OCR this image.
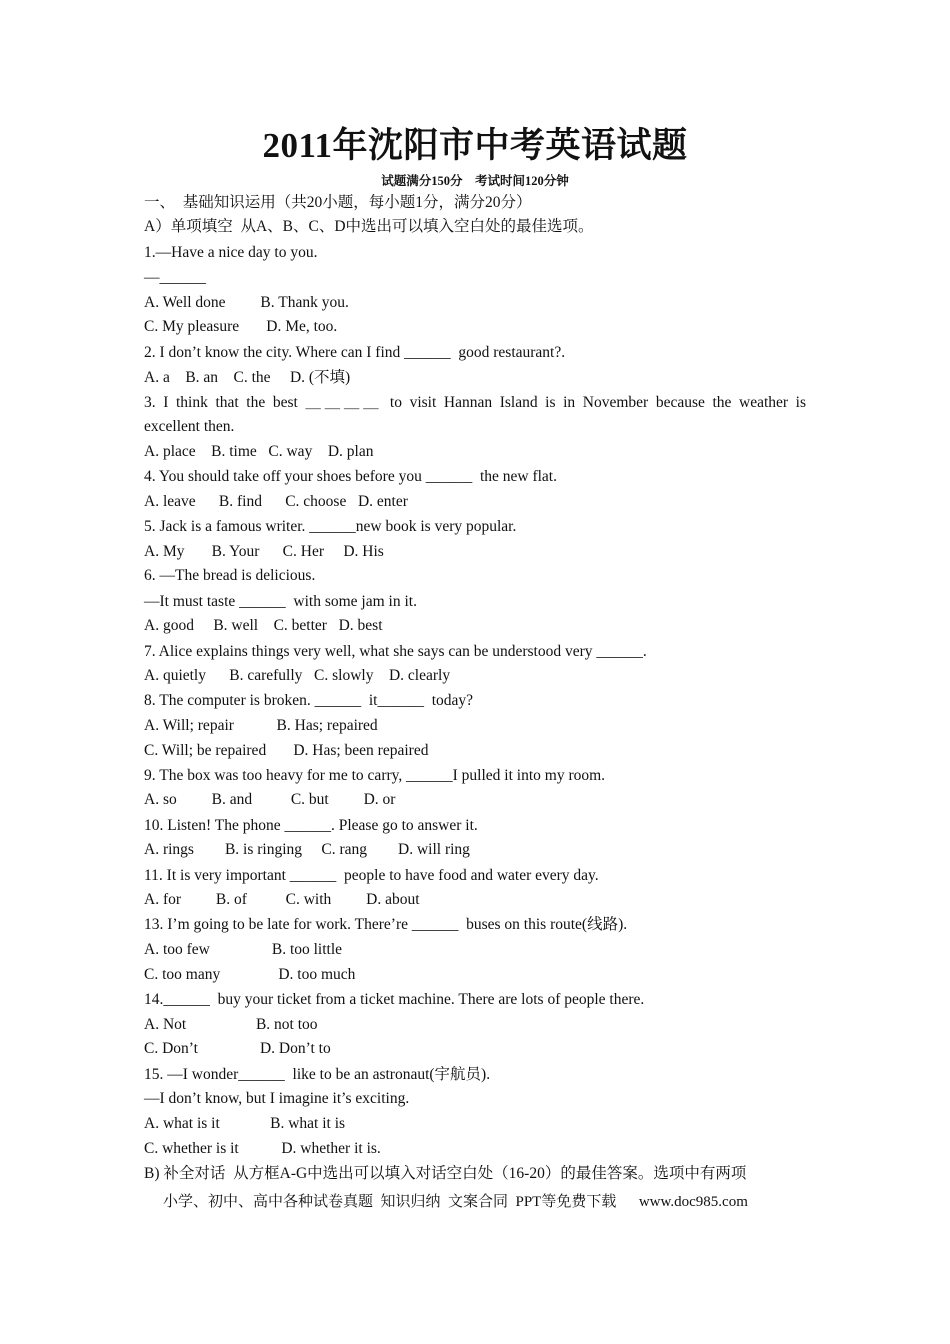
2011年沈阳市中考英语试题
试题满分150分　考试时间120分钟
一、　基础知识运用（共20小题，每小题1分，满分20分）
A）单项填空  从A、B、C、D中选出可以填入空白处的最佳选项。
1.—Have a nice day to you.
—______
A. Well done         B. Thank you.
C. My pleasure       D. Me, too.
2. I don’t know the city. Where can I find ______  good restaurant?.
A. a    B. an    C. the     D. (不填)
3. I think that the best ＿＿＿＿ to visit Hannan Island is in November because the weather is
excellent then.
A. place    B. time   C. way    D. plan
4. You should take off your shoes before you ______  the new flat.
A. leave      B. find      C. choose   D. enter
5. Jack is a famous writer. ______new book is very popular.
A. My       B. Your      C. Her     D. His
6. —The bread is delicious.
—It must taste ______  with some jam in it.
A. good     B. well    C. better   D. best
7. Alice explains things very well, what she says can be understood very ______.
A. quietly      B. carefully   C. slowly    D. clearly
8. The computer is broken. ______  it______  today?
A. Will; repair           B. Has; repaired
C. Will; be repaired       D. Has; been repaired
9. The box was too heavy for me to carry, ______I pulled it into my room.
A. so         B. and          C. but         D. or
10. Listen! The phone ______. Please go to answer it.
A. rings        B. is ringing     C. rang        D. will ring
11. It is very important ______  people to have food and water every day.
A. for         B. of          C. with         D. about
13. I’m going to be late for work. There’re ______  buses on this route(线路).
A. too few                B. too little
C. too many               D. too much
14.______  buy your ticket from a ticket machine. There are lots of people there.
A. Not                  B. not too
C. Don’t                D. Don’t to
15. —I wonder______  like to be an astronaut(宇航员).
—I don’t know, but I imagine it’s exciting.
A. what is it             B. what it is
C. whether is it           D. whether it is.
B) 补全对话  从方框A-G中选出可以填入对话空白处（16-20）的最佳答案。选项中有两项
小学、初中、高中各种试卷真题  知识归纳  文案合同  PPT等免费下载      www.doc985.com
